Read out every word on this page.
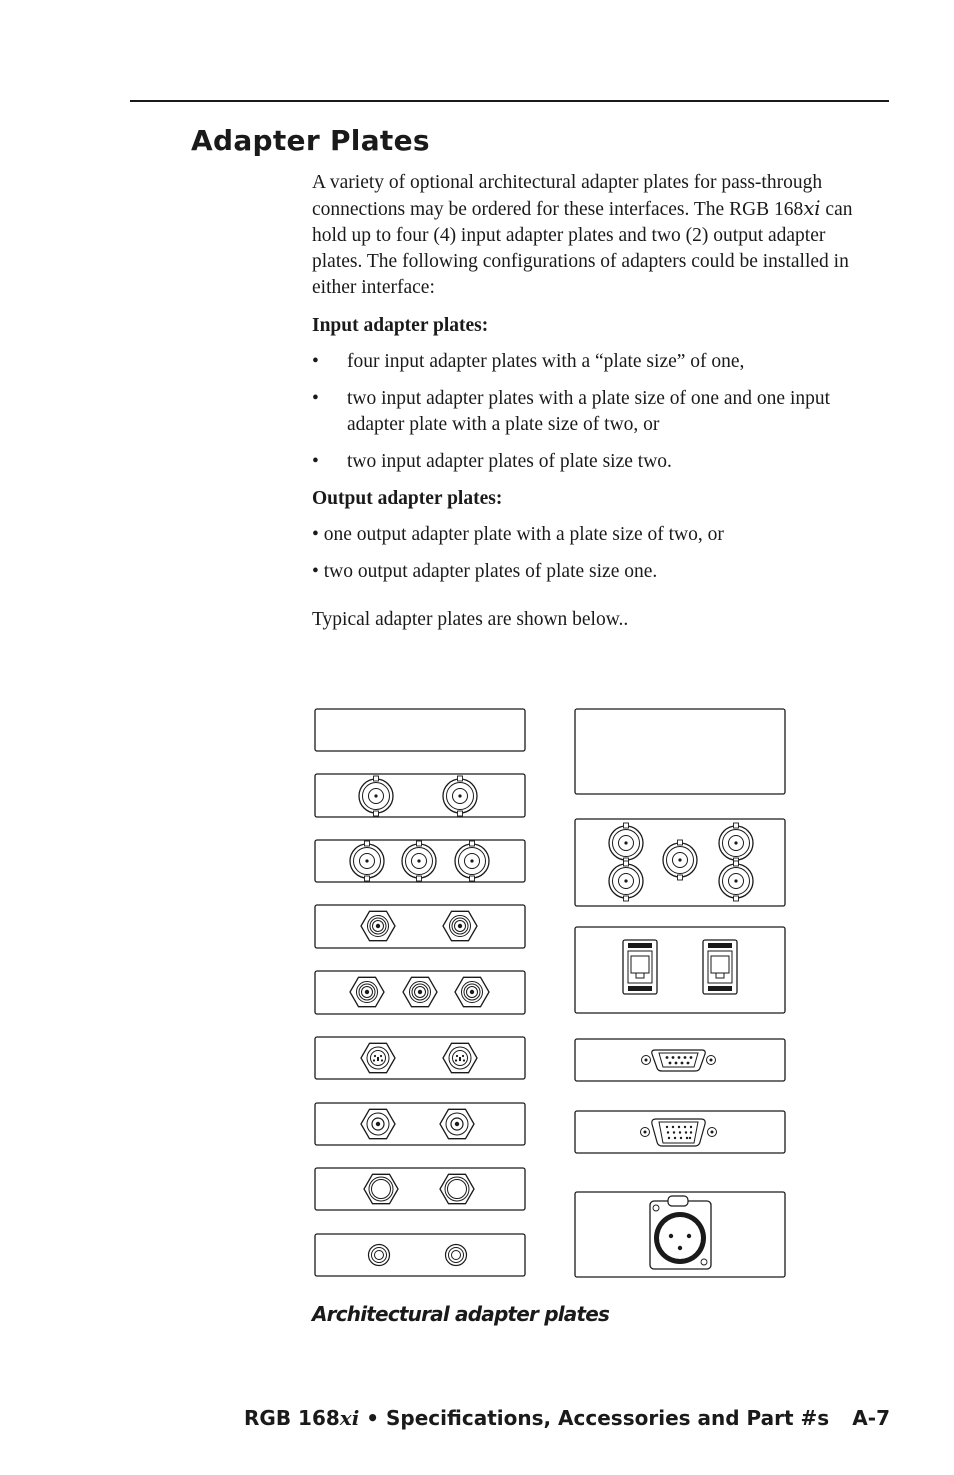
Adapter Plates

A variety of optional architectural adapter plates for pass-through connections may be ordered for these interfaces. The RGB 168xi can hold up to four (4) input adapter plates and two (2) output adapter plates. The following configurations of adapters could be installed in either interface:

Input adapter plates:

•	four input adapter plates with a “plate size” of one,
•	two input adapter plates with a plate size of one and one input adapter plate with a plate size of two, or
•	two input adapter plates of plate size two.

Output adapter plates:

• one output adapter plate with a plate size of two, or

• two output adapter plates of plate size one.

Typical adapter plates are shown below..

Architectural adapter plates
RGB 168xi • Specifications, Accessories and Part #s A-7
